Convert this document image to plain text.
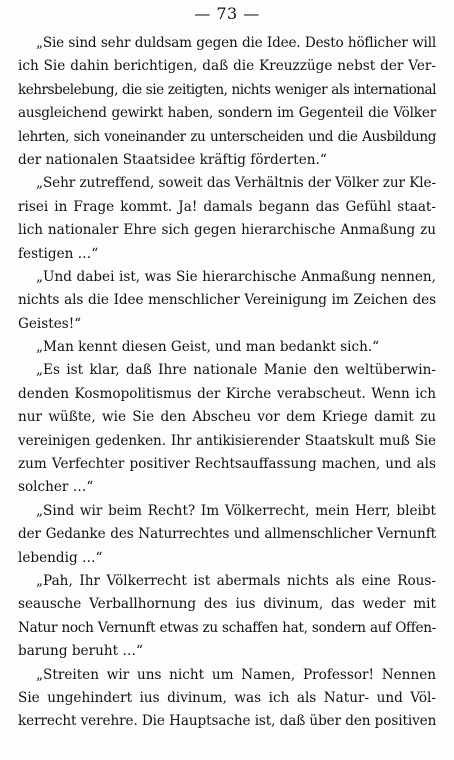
— 73 —
„Sie sind sehr duldsam gegen die Idee. Desto höflicher will
ich Sie dahin berichtigen, daß die Kreuzzüge nebst der Ver-
kehrsbelebung, die sie zeitigten, nichts weniger als international
ausgleichend gewirkt haben, sondern im Gegenteil die Völker
lehrten, sich voneinander zu unterscheiden und die Ausbildung
der nationalen Staatsidee kräftig förderten.“
„Sehr zutreffend, soweit das Verhältnis der Völker zur Kle-
risei in Frage kommt. Ja! damals begann das Gefühl staat-
lich nationaler Ehre sich gegen hierarchische Anmaßung zu
festigen …“
„Und dabei ist, was Sie hierarchische Anmaßung nennen,
nichts als die Idee menschlicher Vereinigung im Zeichen des
Geistes!“
„Man kennt diesen Geist, und man bedankt sich.“
„Es ist klar, daß Ihre nationale Manie den weltüberwin-
denden Kosmopolitismus der Kirche verabscheut. Wenn ich
nur wüßte, wie Sie den Abscheu vor dem Kriege damit zu
vereinigen gedenken. Ihr antikisierender Staatskult muß Sie
zum Verfechter positiver Rechtsauffassung machen, und als
solcher …“
„Sind wir beim Recht? Im Völkerrecht, mein Herr, bleibt
der Gedanke des Naturrechtes und allmenschlicher Vernunft
lebendig …“
„Pah, Ihr Völkerrecht ist abermals nichts als eine Rous-
seausche Verballhornung des ius divinum, das weder mit
Natur noch Vernunft etwas zu schaffen hat, sondern auf Offen-
barung beruht …“
„Streiten wir uns nicht um Namen, Professor! Nennen
Sie ungehindert ius divinum, was ich als Natur- und Völ-
kerrecht verehre. Die Hauptsache ist, daß über den positiven
